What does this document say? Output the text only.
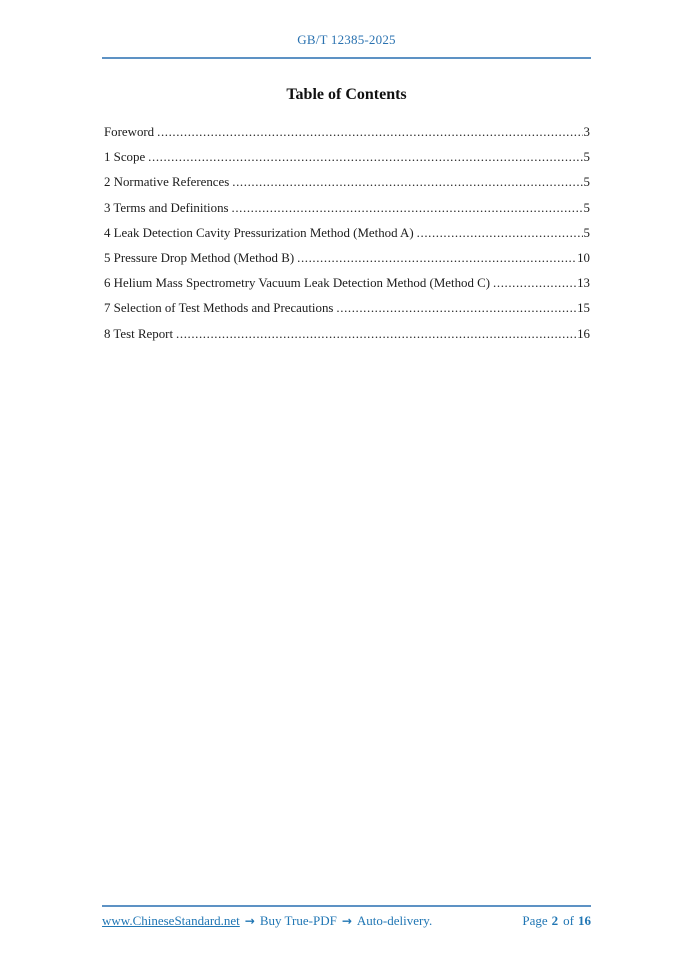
GB/T 12385-2025
Table of Contents
Foreword .....	3
1 Scope .....	5
2 Normative References .....	5
3 Terms and Definitions .....	5
4 Leak Detection Cavity Pressurization Method (Method A) .....	5
5 Pressure Drop Method (Method B) .....	10
6 Helium Mass Spectrometry Vacuum Leak Detection Method (Method C) .....	13
7 Selection of Test Methods and Precautions .....	15
8 Test Report .....	16
www.ChineseStandard.net → Buy True-PDF → Auto-delivery.	Page 2 of 16
